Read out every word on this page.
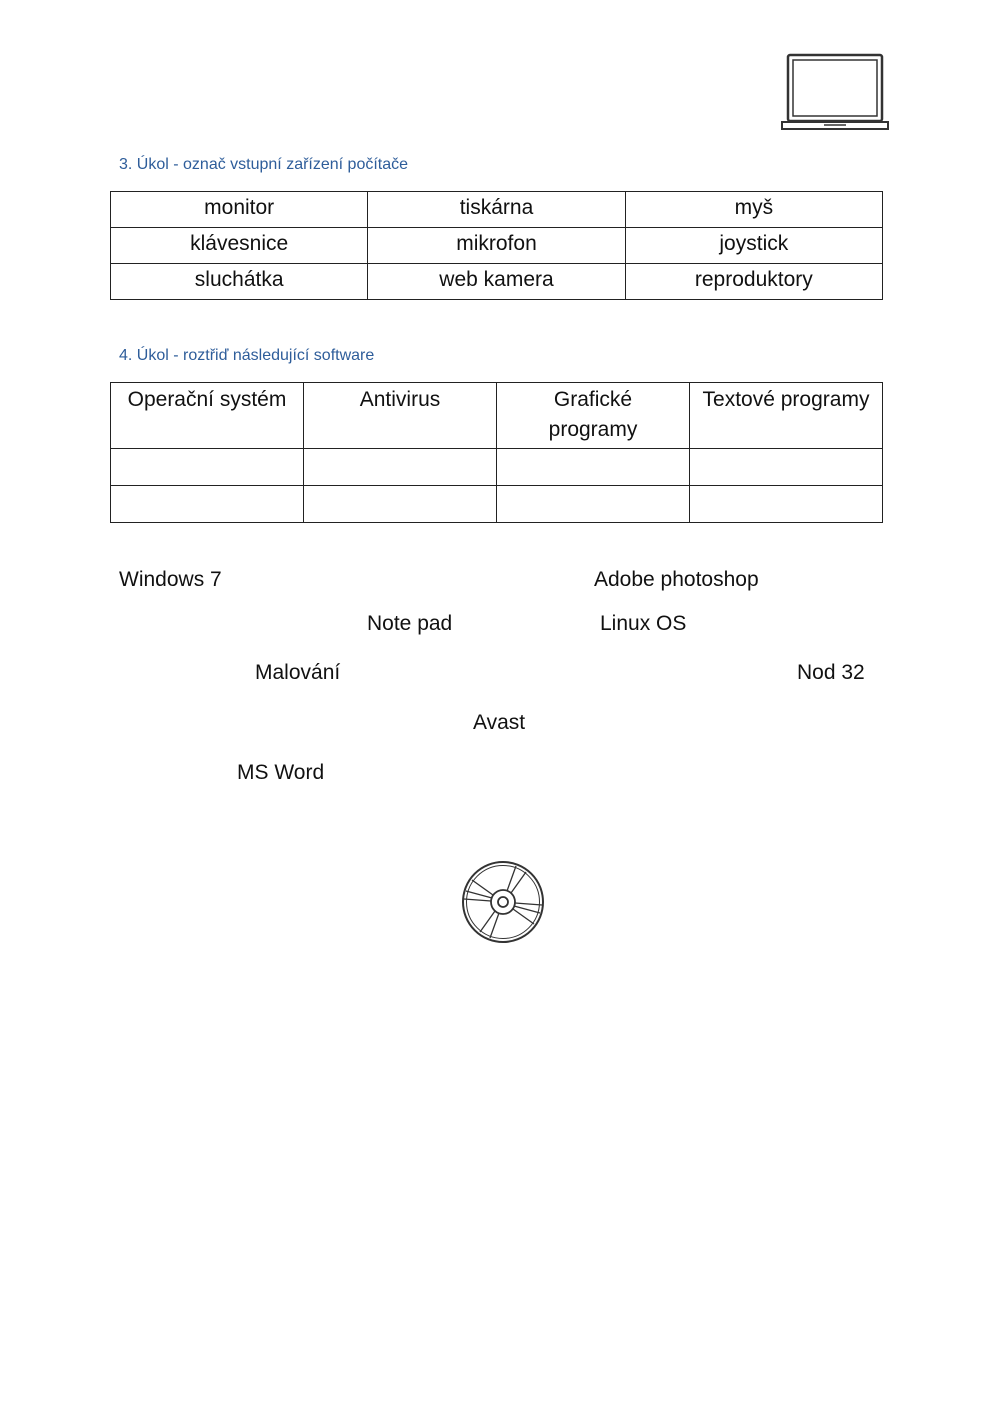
3. Úkol - označ vstupní zařízení počítače
monitor	tiskárna	myš
klávesnice	mikrofon	joystick
sluchátka	web kamera	reproduktory
4. Úkol - roztřiď následující software
Operační systém	Antivirus	Grafické programy	Textové programy

Windows 7	Adobe photoshop
Note pad	Linux OS
Malování	Nod 32
Avast
MS Word
